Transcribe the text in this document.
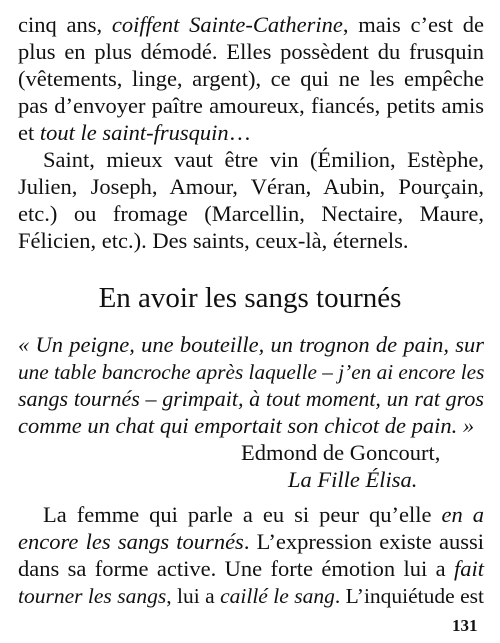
cinq ans, coiffent Sainte-Catherine, mais c’est de
plus en plus démodé. Elles possèdent du frusquin
(vêtements, linge, argent), ce qui ne les empêche
pas d’envoyer paître amoureux, fiancés, petits amis
et tout le saint-frusquin…
Saint, mieux vaut être vin (Émilion, Estèphe,
Julien, Joseph, Amour, Véran, Aubin, Pourçain,
etc.) ou fromage (Marcellin, Nectaire, Maure,
Félicien, etc.). Des saints, ceux-là, éternels.
En avoir les sangs tournés
« Un peigne, une bouteille, un trognon de pain, sur
une table bancroche après laquelle – j’en ai encore les
sangs tournés – grimpait, à tout moment, un rat gros
comme un chat qui emportait son chicot de pain. »
Edmond de Goncourt,
La Fille Élisa.
La femme qui parle a eu si peur qu’elle en a
encore les sangs tournés. L’expression existe aussi
dans sa forme active. Une forte émotion lui a fait
tourner les sangs, lui a caillé le sang. L’inquiétude est
131
